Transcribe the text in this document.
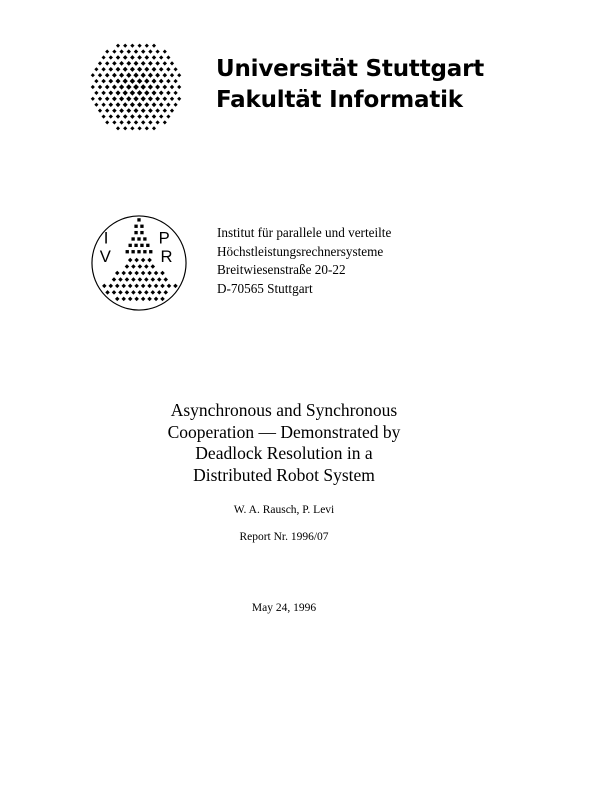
Universität Stuttgart
Fakultät Informatik
I	P
V	R
Institut für parallele und verteilte
Höchstleistungsrechnersysteme
Breitwiesenstraße 20-22
D-70565 Stuttgart
Asynchronous and Synchronous
Cooperation — Demonstrated by
Deadlock Resolution in a
Distributed Robot System
W. A. Rausch, P. Levi
Report Nr. 1996/07
May 24, 1996
